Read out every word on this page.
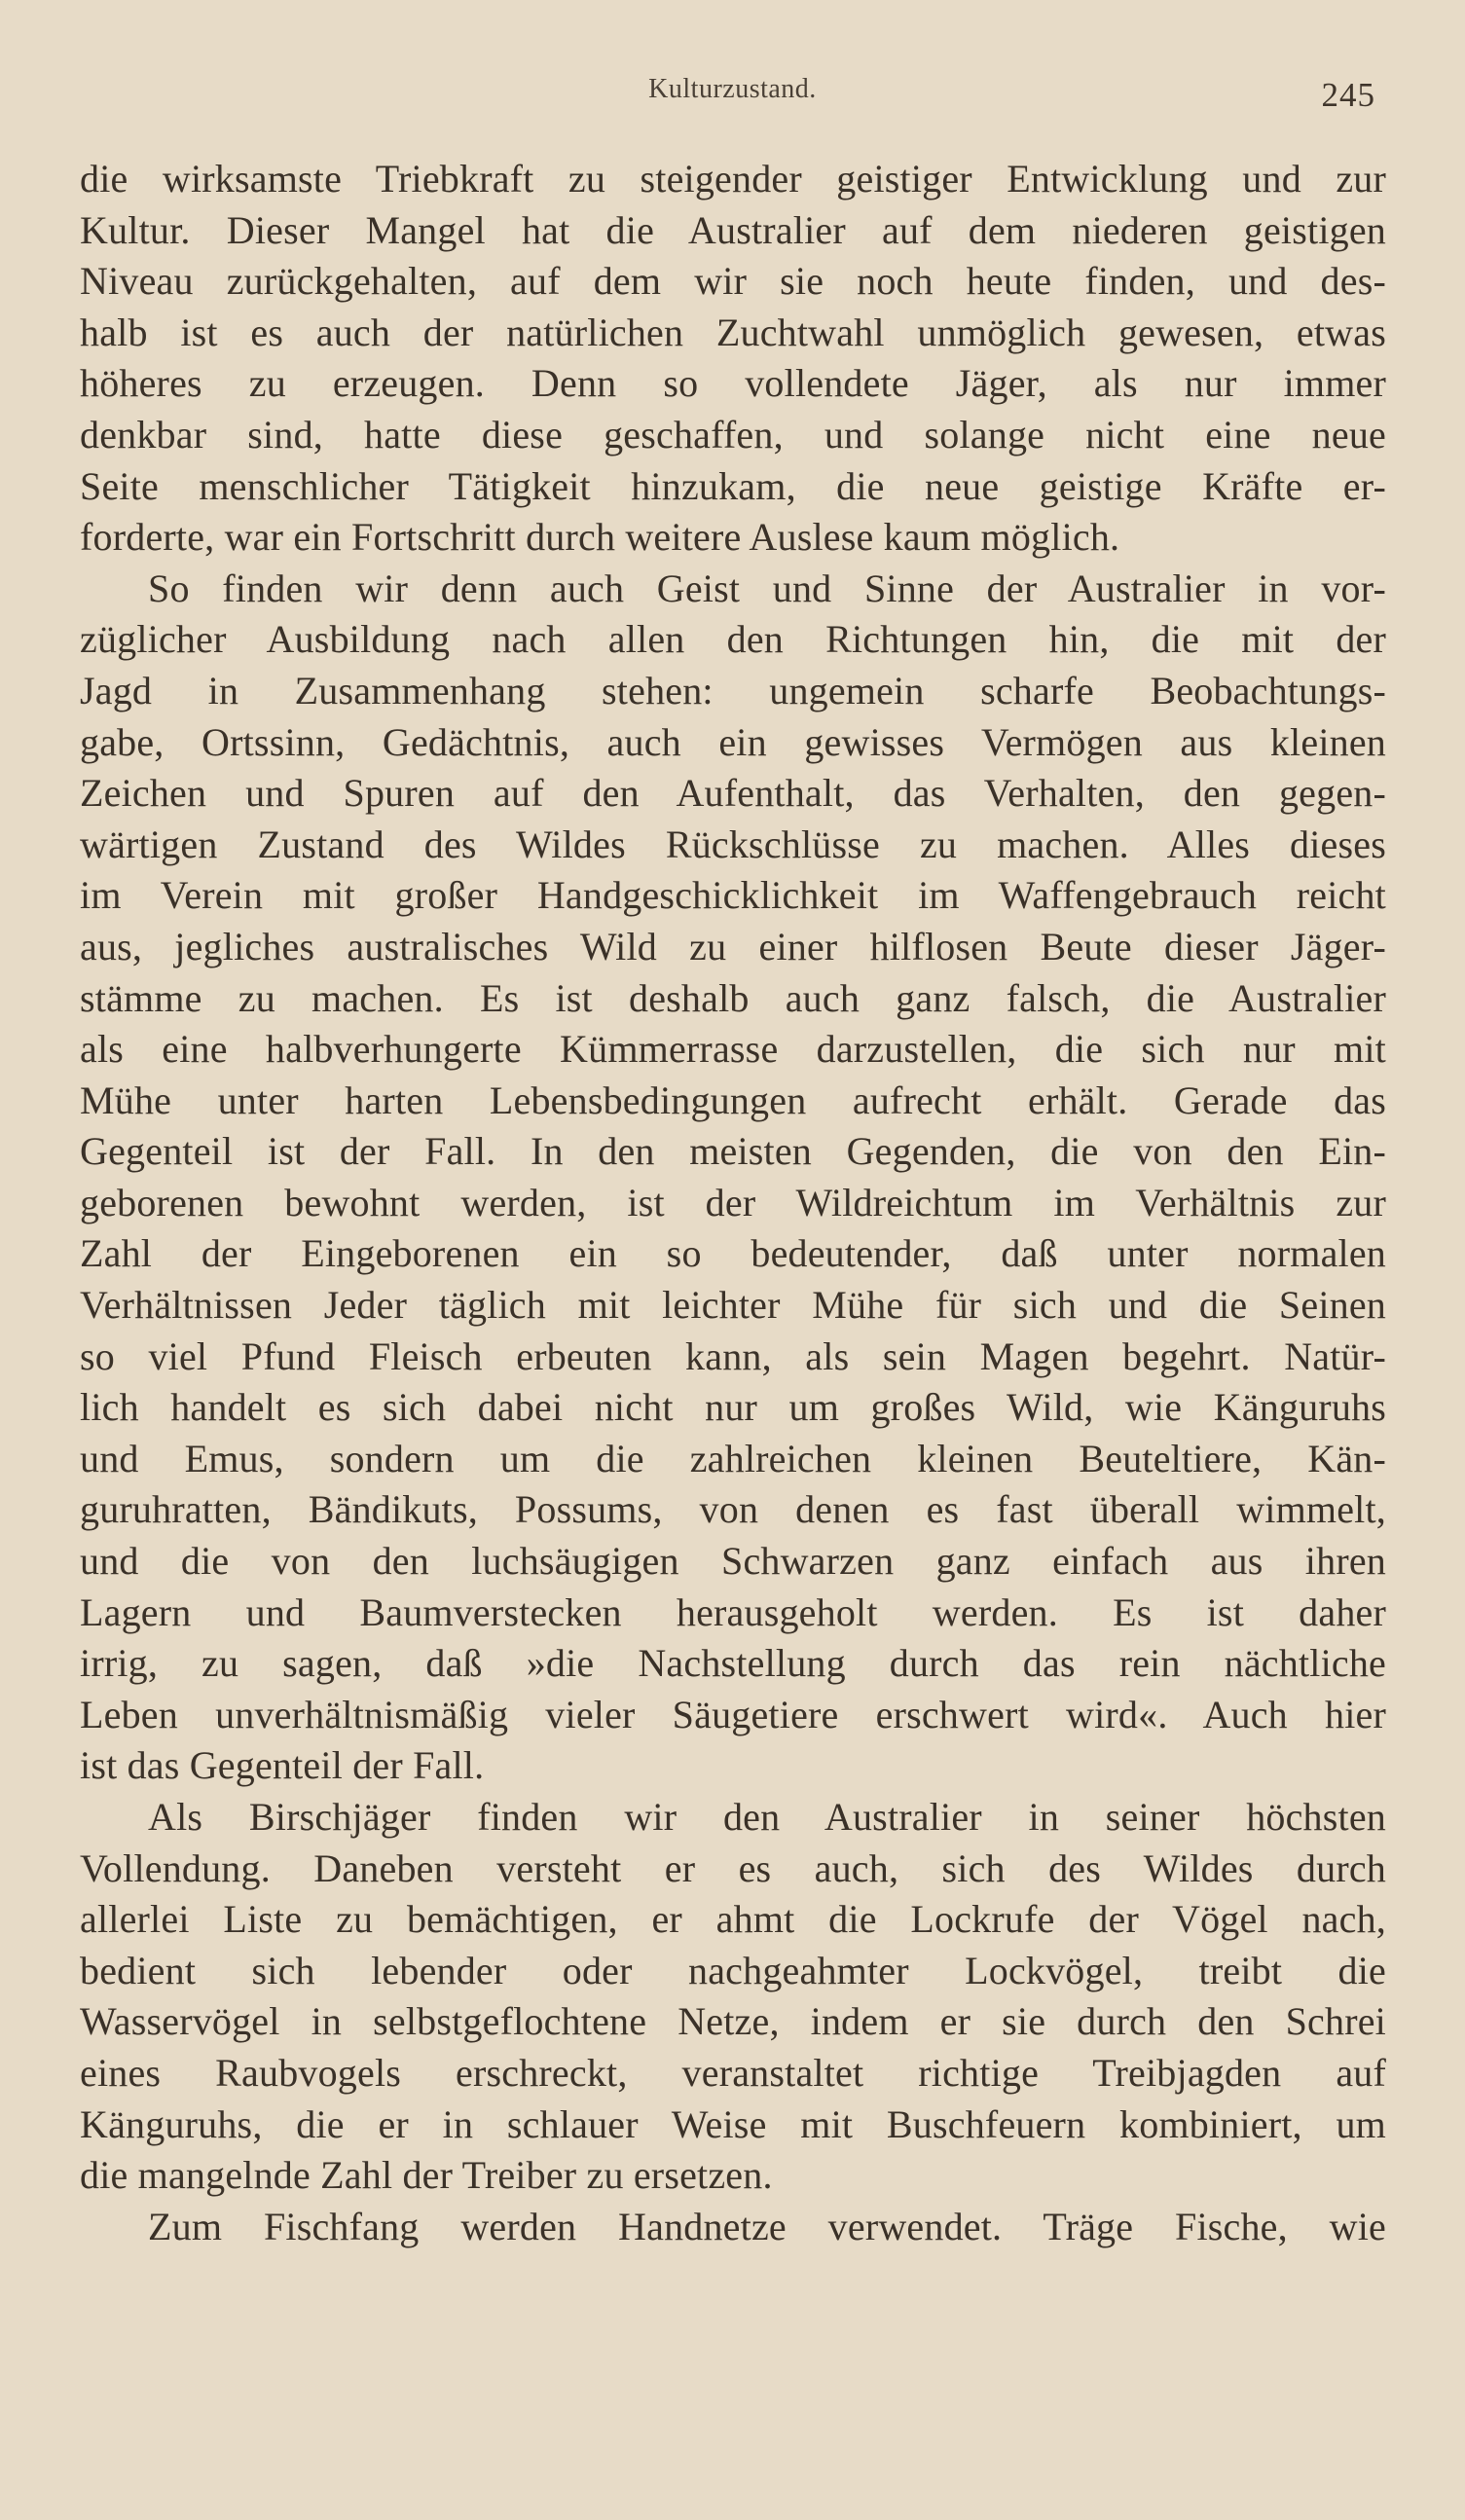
Kulturzustand.	245
die wirksamste Triebkraft zu steigender geistiger Entwicklung und zur
Kultur. Dieser Mangel hat die Australier auf dem niederen geistigen
Niveau zurückgehalten, auf dem wir sie noch heute finden, und des-
halb ist es auch der natürlichen Zuchtwahl unmöglich gewesen, etwas
höheres zu erzeugen. Denn so vollendete Jäger, als nur immer
denkbar sind, hatte diese geschaffen, und solange nicht eine neue
Seite menschlicher Tätigkeit hinzukam, die neue geistige Kräfte er-
forderte, war ein Fortschritt durch weitere Auslese kaum möglich.
So finden wir denn auch Geist und Sinne der Australier in vor-
züglicher Ausbildung nach allen den Richtungen hin, die mit der
Jagd in Zusammenhang stehen: ungemein scharfe Beobachtungs-
gabe, Ortssinn, Gedächtnis, auch ein gewisses Vermögen aus kleinen
Zeichen und Spuren auf den Aufenthalt, das Verhalten, den gegen-
wärtigen Zustand des Wildes Rückschlüsse zu machen. Alles dieses
im Verein mit großer Handgeschicklichkeit im Waffengebrauch reicht
aus, jegliches australisches Wild zu einer hilflosen Beute dieser Jäger-
stämme zu machen. Es ist deshalb auch ganz falsch, die Australier
als eine halbverhungerte Kümmerrasse darzustellen, die sich nur mit
Mühe unter harten Lebensbedingungen aufrecht erhält. Gerade das
Gegenteil ist der Fall. In den meisten Gegenden, die von den Ein-
geborenen bewohnt werden, ist der Wildreichtum im Verhältnis zur
Zahl der Eingeborenen ein so bedeutender, daß unter normalen
Verhältnissen Jeder täglich mit leichter Mühe für sich und die Seinen
so viel Pfund Fleisch erbeuten kann, als sein Magen begehrt. Natür-
lich handelt es sich dabei nicht nur um großes Wild, wie Känguruhs
und Emus, sondern um die zahlreichen kleinen Beuteltiere, Kän-
guruhratten, Bändikuts, Possums, von denen es fast überall wimmelt,
und die von den luchsäugigen Schwarzen ganz einfach aus ihren
Lagern und Baumverstecken herausgeholt werden. Es ist daher
irrig, zu sagen, daß »die Nachstellung durch das rein nächtliche
Leben unverhältnismäßig vieler Säugetiere erschwert wird«. Auch hier
ist das Gegenteil der Fall.
Als Birschjäger finden wir den Australier in seiner höchsten
Vollendung. Daneben versteht er es auch, sich des Wildes durch
allerlei Liste zu bemächtigen, er ahmt die Lockrufe der Vögel nach,
bedient sich lebender oder nachgeahmter Lockvögel, treibt die
Wasservögel in selbstgeflochtene Netze, indem er sie durch den Schrei
eines Raubvogels erschreckt, veranstaltet richtige Treibjagden auf
Känguruhs, die er in schlauer Weise mit Buschfeuern kombiniert, um
die mangelnde Zahl der Treiber zu ersetzen.
Zum Fischfang werden Handnetze verwendet. Träge Fische, wie
